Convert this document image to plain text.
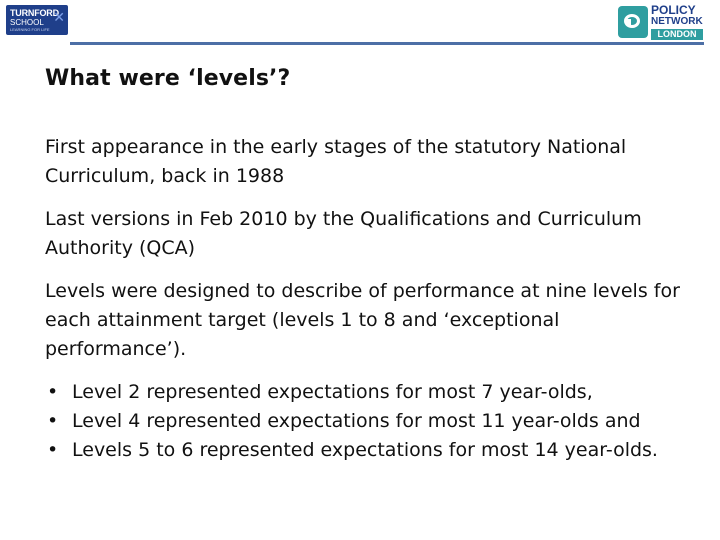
TURNFORD
SCHOOL
LEARNING FOR LIFE
✕	POLICY
NETWORK
LONDON
What were ‘levels’?

First appearance in the early stages of the statutory National Curriculum, back in 1988

Last versions in Feb 2010 by the Qualifications and Curriculum Authority (QCA)

Levels were designed to describe of performance at nine levels for each attainment target (levels 1 to 8 and ‘exceptional performance’).

• Level 2 represented expectations for most 7 year-olds,
• Level 4 represented expectations for most 11 year-olds and
• Levels 5 to 6 represented expectations for most 14 year-olds.
